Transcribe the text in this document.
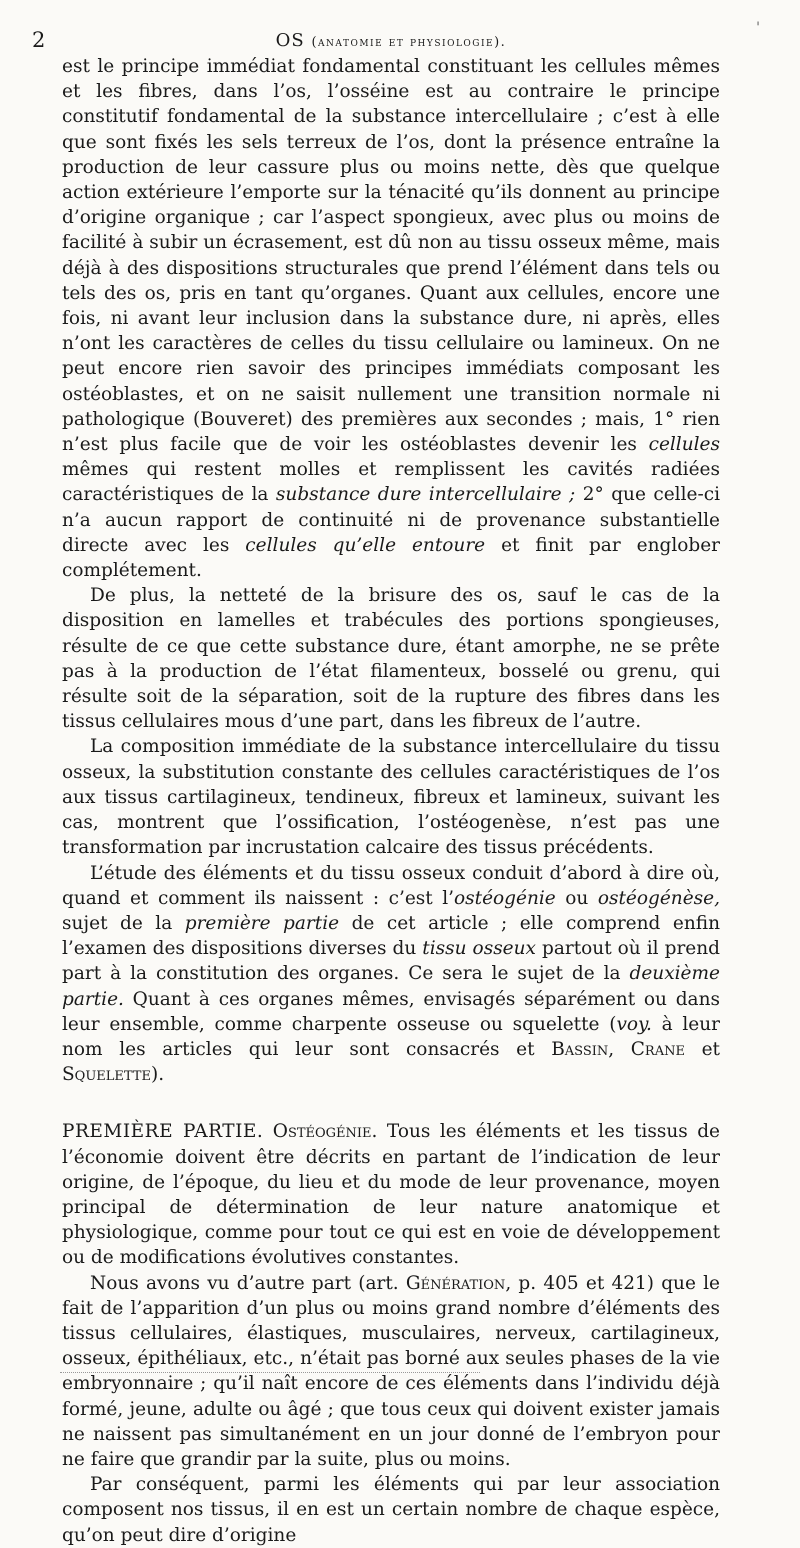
2	OS (anatomie et physiologie).
'

est le principe immédiat fondamental constituant les cellules mêmes et les fibres, dans l’os, l’osséine est au contraire le principe constitutif fondamental de la substance intercellulaire ; c’est à elle que sont fixés les sels terreux de l’os, dont la présence entraîne la production de leur cassure plus ou moins nette, dès que quelque action extérieure l’emporte sur la ténacité qu’ils donnent au principe d’origine organique ; car l’aspect spongieux, avec plus ou moins de facilité à subir un écrasement, est dû non au tissu osseux même, mais déjà à des dispositions structurales que prend l’élément dans tels ou tels des os, pris en tant qu’organes. Quant aux cellules, encore une fois, ni avant leur inclusion dans la substance dure, ni après, elles n’ont les caractères de celles du tissu cellulaire ou lamineux. On ne peut encore rien savoir des principes immédiats composant les ostéoblastes, et on ne saisit nullement une transition normale ni pathologique (Bouveret) des premières aux secondes ; mais, 1° rien n’est plus facile que de voir les ostéoblastes devenir les cellules mêmes qui restent molles et remplissent les cavités radiées caractéristiques de la substance dure intercellulaire ; 2° que celle-ci n’a aucun rapport de continuité ni de provenance substantielle directe avec les cellules qu’elle entoure et finit par englober complétement.

De plus, la netteté de la brisure des os, sauf le cas de la disposition en lamelles et trabécules des portions spongieuses, résulte de ce que cette substance dure, étant amorphe, ne se prête pas à la production de l’état filamenteux, bosselé ou grenu, qui résulte soit de la séparation, soit de la rupture des fibres dans les tissus cellulaires mous d’une part, dans les fibreux de l’autre.

La composition immédiate de la substance intercellulaire du tissu osseux, la substitution constante des cellules caractéristiques de l’os aux tissus cartilagineux, tendineux, fibreux et lamineux, suivant les cas, montrent que l’ossification, l’ostéogenèse, n’est pas une transformation par incrustation calcaire des tissus précédents.

L’étude des éléments et du tissu osseux conduit d’abord à dire où, quand et comment ils naissent : c’est l’ostéogénie ou ostéogénèse, sujet de la première partie de cet article ; elle comprend enfin l’examen des dispositions diverses du tissu osseux partout où il prend part à la constitution des organes. Ce sera le sujet de la deuxième partie. Quant à ces organes mêmes, envisagés séparément ou dans leur ensemble, comme charpente osseuse ou squelette (voy. à leur nom les articles qui leur sont consacrés et Bassin, Crane et Squelette).

PREMIÈRE PARTIE. Ostéogénie. Tous les éléments et les tissus de l’économie doivent être décrits en partant de l’indication de leur origine, de l’époque, du lieu et du mode de leur provenance, moyen principal de détermination de leur nature anatomique et physiologique, comme pour tout ce qui est en voie de développement ou de modifications évolutives constantes.

Nous avons vu d’autre part (art. Génération, p. 405 et 421) que le fait de l’apparition d’un plus ou moins grand nombre d’éléments des tissus cellulaires, élastiques, musculaires, nerveux, cartilagineux, osseux, épithéliaux, etc., n’était pas borné aux seules phases de la vie embryonnaire ; qu’il naît encore de ces éléments dans l’individu déjà formé, jeune, adulte ou âgé ; que tous ceux qui doivent exister jamais ne naissent pas simultanément en un jour donné de l’embryon pour ne faire que grandir par la suite, plus ou moins.

Par conséquent, parmi les éléments qui par leur association composent nos tissus, il en est un certain nombre de chaque espèce, qu’on peut dire d’origine
